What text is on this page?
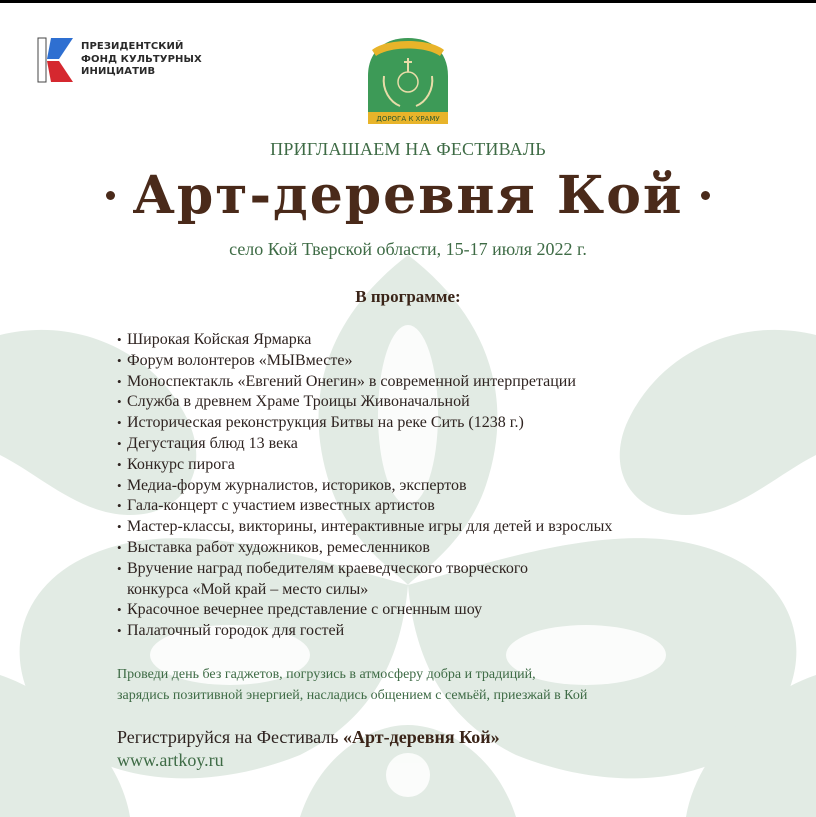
ПРЕЗИДЕНТСКИЙ
ФОНД КУЛЬТУРНЫХ
ИНИЦИАТИВ
ДОРОГА К ХРАМУ
ПРИГЛАШАЕМ НА ФЕСТИВАЛЬ
Арт-деревня Кой
село Кой Тверской области, 15-17 июля 2022 г.
В программе:
• Широкая Койская Ярмарка
• Форум волонтеров «МЫВместе»
• Моноспектакль «Евгений Онегин» в современной интерпретации
• Служба в древнем Храме Троицы Живоначальной
• Историческая реконструкция Битвы на реке Сить (1238 г.)
• Дегустация блюд 13 века
• Конкурс пирога
• Медиа-форум журналистов, историков, экспертов
• Гала-концерт с участием известных артистов
• Мастер-классы, викторины, интерактивные игры для детей и взрослых
• Выставка работ художников, ремесленников
• Вручение наград победителям краеведческого творческого
конкурса «Мой край – место силы»
• Красочное вечернее представление с огненным шоу
• Палаточный городок для гостей
Проведи день без гаджетов, погрузись в атмосферу добра и традиций,
зарядись позитивной энергией, насладись общением с семьёй, приезжай в Кой
Регистрируйся на Фестиваль «Арт-деревня Кой»
www.artkoy.ru
